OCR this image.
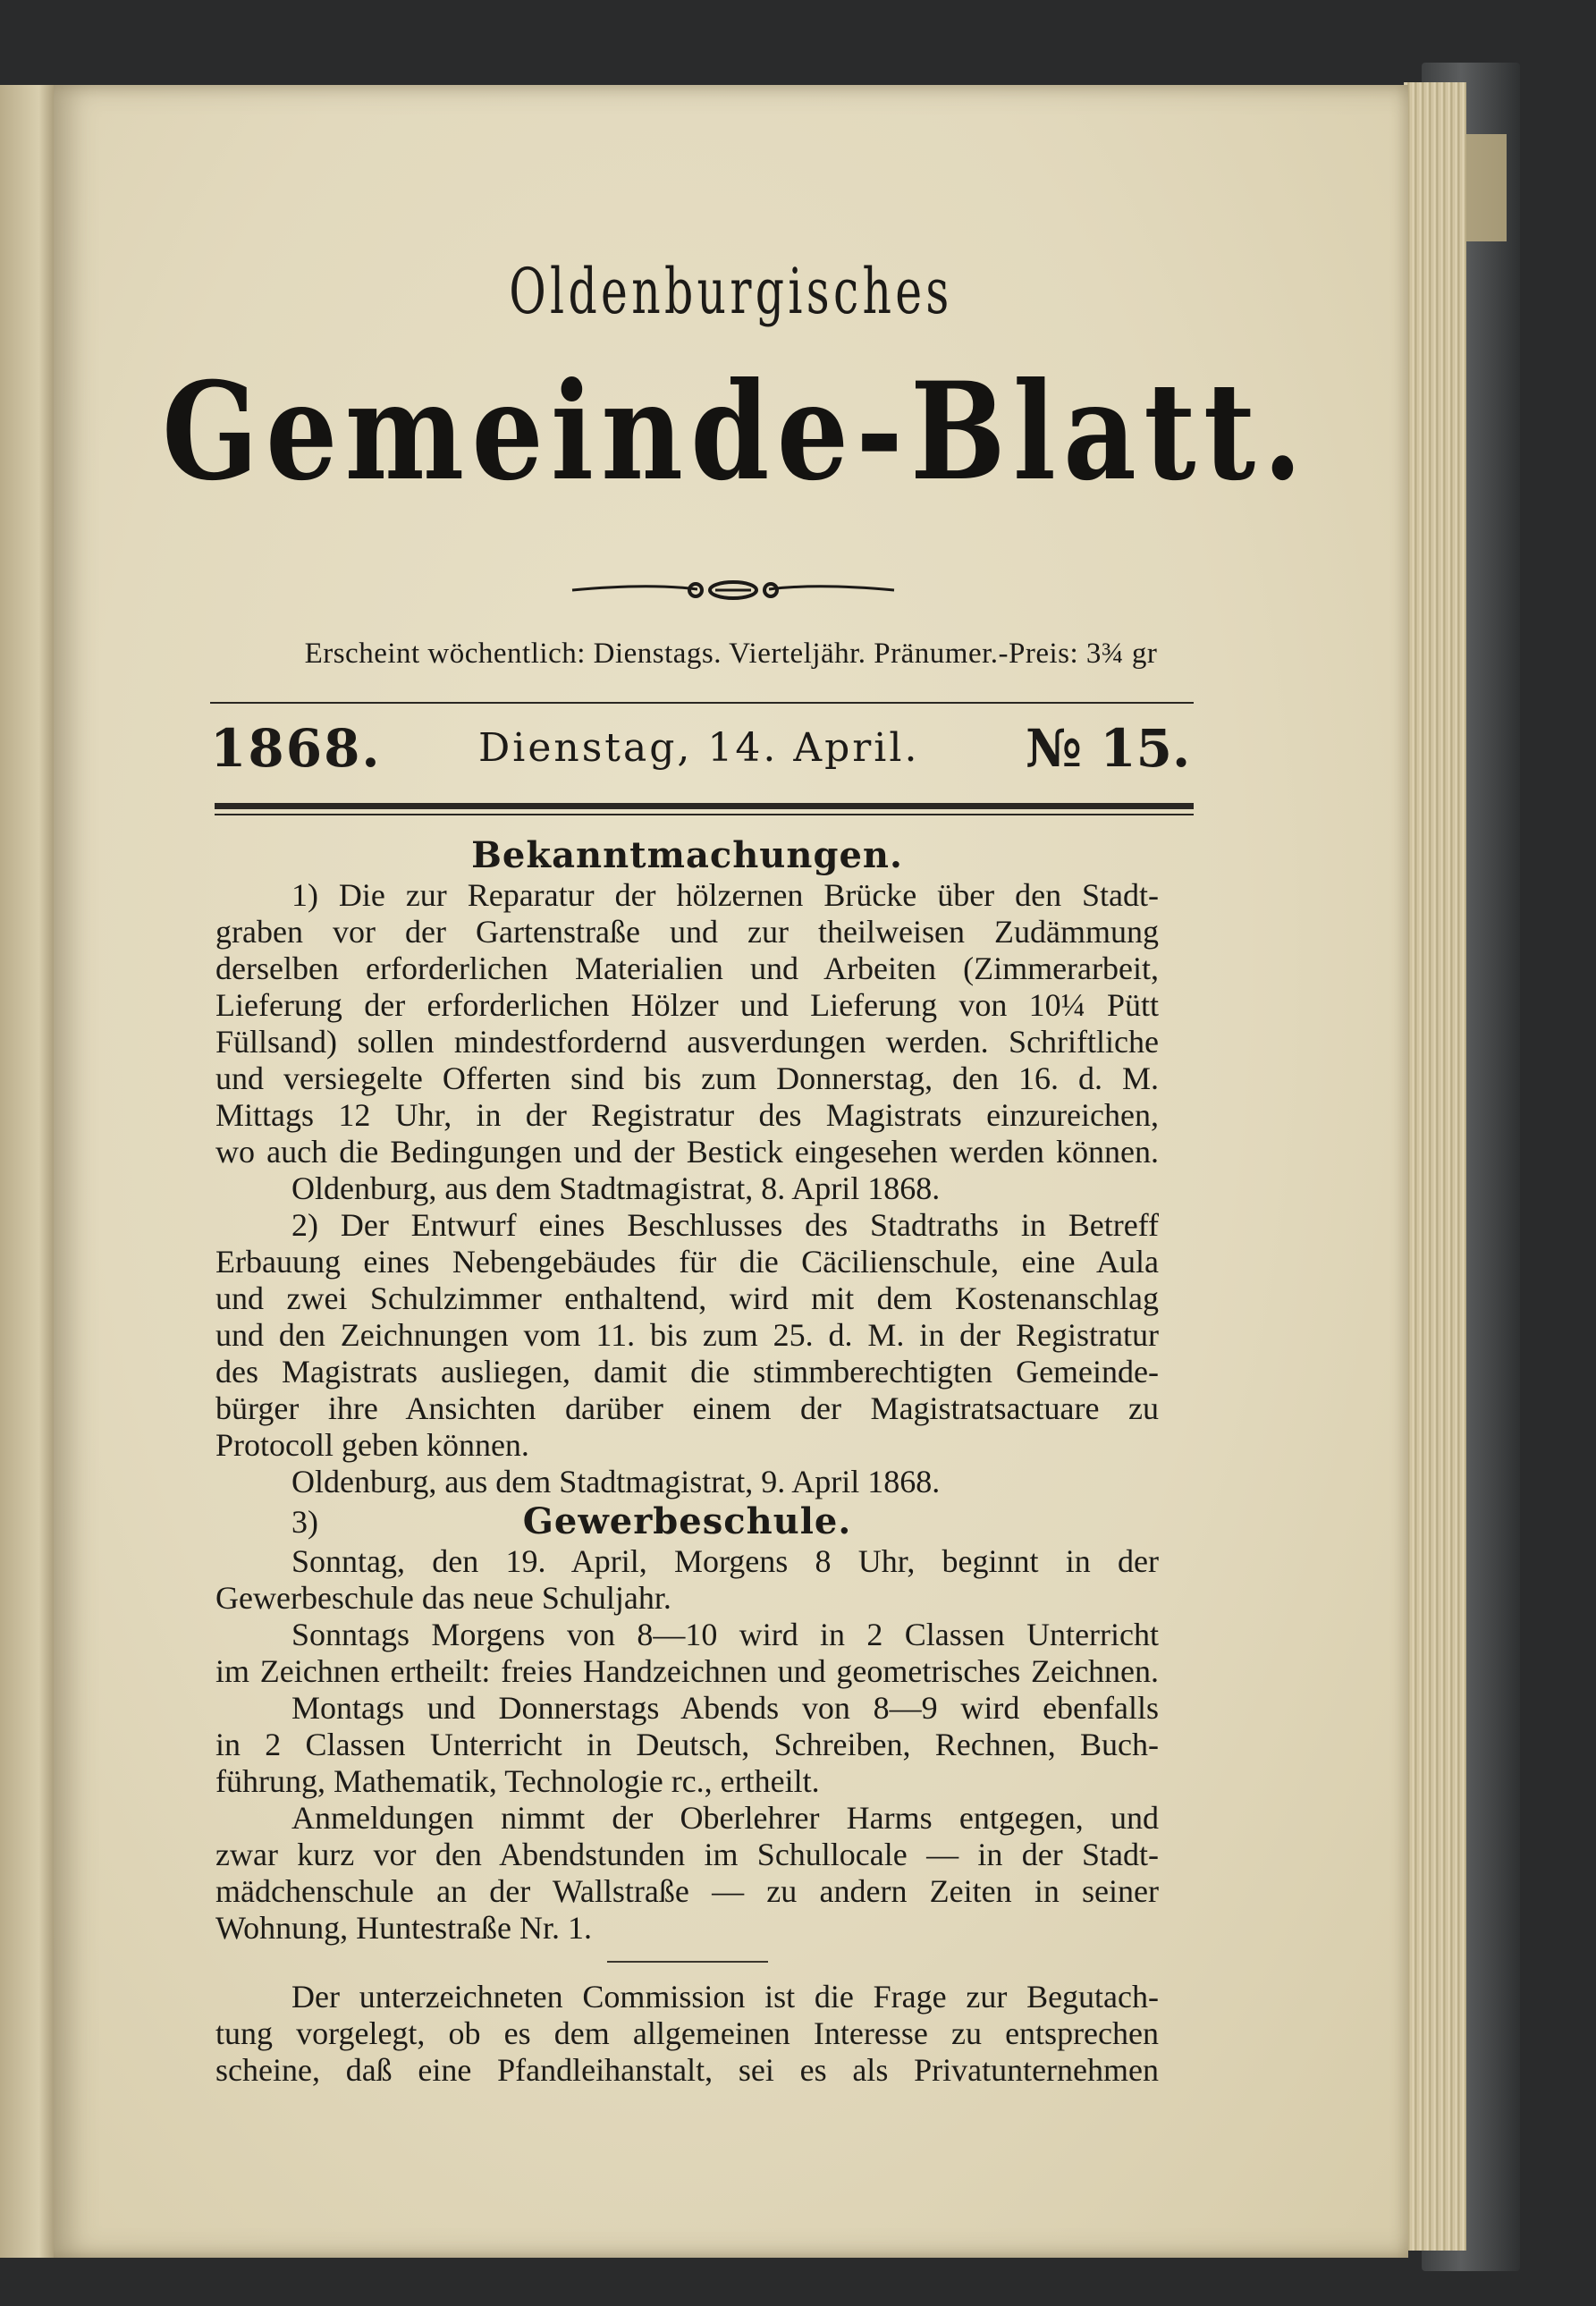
Oldenburgisches
Gemeinde-Blatt.
Erscheint wöchentlich: Dienstags. Vierteljähr. Pränumer.-Preis: 3¾ gr
1868. Dienstag, 14. April. № 15.
Bekanntmachungen.
1) Die zur Reparatur der hölzernen Brücke über den Stadt-
graben vor der Gartenstraße und zur theilweisen Zudämmung
derselben erforderlichen Materialien und Arbeiten (Zimmerarbeit,
Lieferung der erforderlichen Hölzer und Lieferung von 10¼ Pütt
Füllsand) sollen mindestfordernd ausverdungen werden. Schriftliche
und versiegelte Offerten sind bis zum Donnerstag, den 16. d. M.
Mittags 12 Uhr, in der Registratur des Magistrats einzureichen,
wo auch die Bedingungen und der Bestick eingesehen werden können.
Oldenburg, aus dem Stadtmagistrat, 8. April 1868.
2) Der Entwurf eines Beschlusses des Stadtraths in Betreff
Erbauung eines Nebengebäudes für die Cäcilienschule, eine Aula
und zwei Schulzimmer enthaltend, wird mit dem Kostenanschlag
und den Zeichnungen vom 11. bis zum 25. d. M. in der Registratur
des Magistrats ausliegen, damit die stimmberechtigten Gemeinde-
bürger ihre Ansichten darüber einem der Magistratsactuare zu
Protocoll geben können.
Oldenburg, aus dem Stadtmagistrat, 9. April 1868.
3)	Gewerbeschule.
Sonntag, den 19. April, Morgens 8 Uhr, beginnt in der
Gewerbeschule das neue Schuljahr.
Sonntags Morgens von 8—10 wird in 2 Classen Unterricht
im Zeichnen ertheilt: freies Handzeichnen und geometrisches Zeichnen.
Montags und Donnerstags Abends von 8—9 wird ebenfalls
in 2 Classen Unterricht in Deutsch, Schreiben, Rechnen, Buch-
führung, Mathematik, Technologie rc., ertheilt.
Anmeldungen nimmt der Oberlehrer Harms entgegen, und
zwar kurz vor den Abendstunden im Schullocale — in der Stadt-
mädchenschule an der Wallstraße — zu andern Zeiten in seiner
Wohnung, Huntestraße Nr. 1.
Der unterzeichneten Commission ist die Frage zur Begutach-
tung vorgelegt, ob es dem allgemeinen Interesse zu entsprechen
scheine, daß eine Pfandleihanstalt, sei es als Privatunternehmen
